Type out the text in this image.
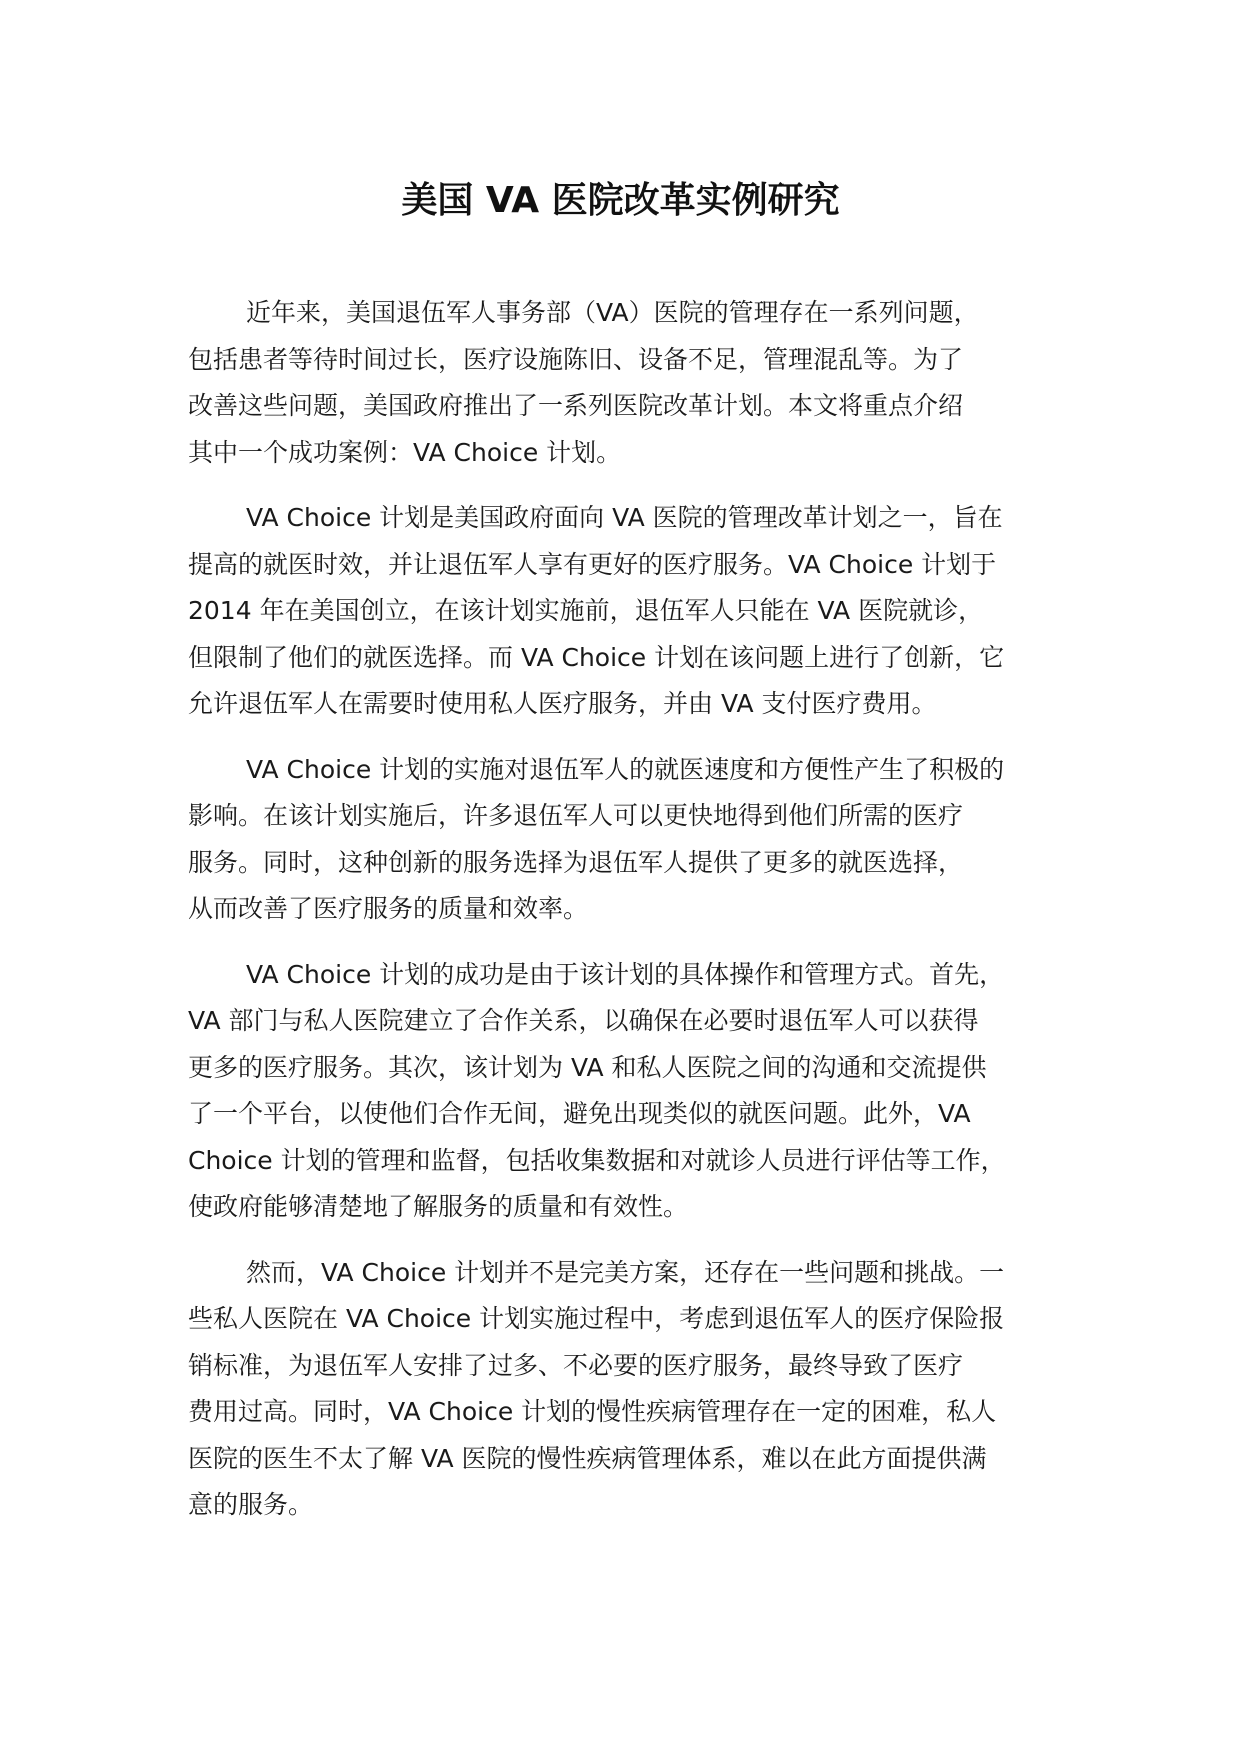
美国 VA 医院改革实例研究

近年来，美国退伍军人事务部（VA）医院的管理存在一系列问题，
包括患者等待时间过长，医疗设施陈旧、设备不足，管理混乱等。为了
改善这些问题，美国政府推出了一系列医院改革计划。本文将重点介绍
其中一个成功案例：VA Choice 计划。

VA Choice 计划是美国政府面向 VA 医院的管理改革计划之一，旨在
提高的就医时效，并让退伍军人享有更好的医疗服务。VA Choice 计划于
2014 年在美国创立，在该计划实施前，退伍军人只能在 VA 医院就诊，
但限制了他们的就医选择。而 VA Choice 计划在该问题上进行了创新，它
允许退伍军人在需要时使用私人医疗服务，并由 VA 支付医疗费用。

VA Choice 计划的实施对退伍军人的就医速度和方便性产生了积极的
影响。在该计划实施后，许多退伍军人可以更快地得到他们所需的医疗
服务。同时，这种创新的服务选择为退伍军人提供了更多的就医选择，
从而改善了医疗服务的质量和效率。

VA Choice 计划的成功是由于该计划的具体操作和管理方式。首先，
VA 部门与私人医院建立了合作关系，以确保在必要时退伍军人可以获得
更多的医疗服务。其次，该计划为 VA 和私人医院之间的沟通和交流提供
了一个平台，以使他们合作无间，避免出现类似的就医问题。此外，VA
Choice 计划的管理和监督，包括收集数据和对就诊人员进行评估等工作，
使政府能够清楚地了解服务的质量和有效性。

然而，VA Choice 计划并不是完美方案，还存在一些问题和挑战。一
些私人医院在 VA Choice 计划实施过程中，考虑到退伍军人的医疗保险报
销标准，为退伍军人安排了过多、不必要的医疗服务，最终导致了医疗
费用过高。同时，VA Choice 计划的慢性疾病管理存在一定的困难，私人
医院的医生不太了解 VA 医院的慢性疾病管理体系，难以在此方面提供满
意的服务。
